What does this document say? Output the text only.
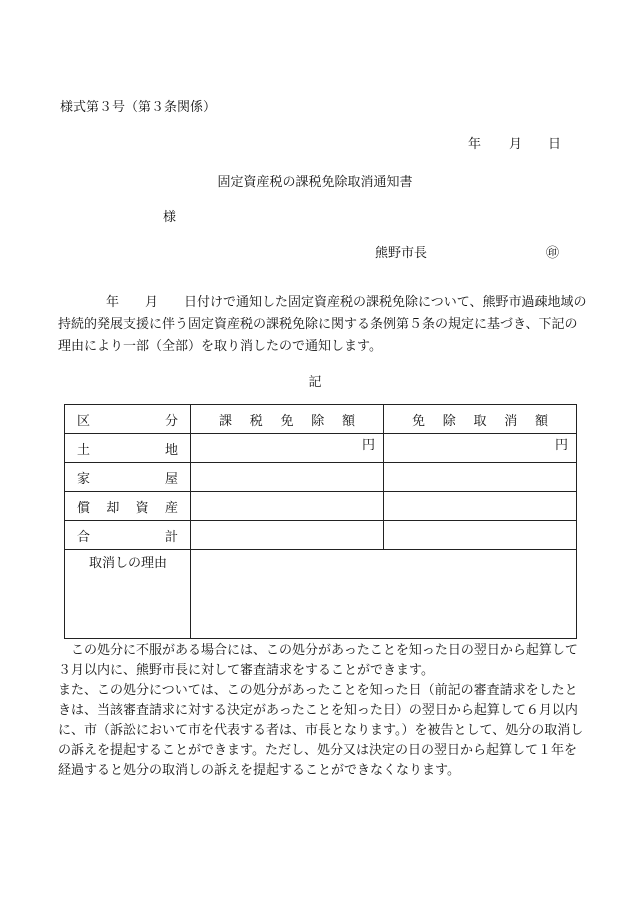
様式第３号（第３条関係）
年 月 日
固定資産税の課税免除取消通知書
様
熊野市長	㊞
年　　月　　日付けで通知した固定資産税の課税免除について、熊野市過疎地域の持続的発展支援に伴う固定資産税の課税免除に関する条例第５条の規定に基づき、下記の理由により一部（全部）を取り消したので通知します。
記
区分	課税免除額	免除取消額
土地	円	円
家屋		
償却資産		
合計		
取消しの理由		

この処分に不服がある場合には、この処分があったことを知った日の翌日から起算して３月以内に、熊野市長に対して審査請求をすることができます。

また、この処分については、この処分があったことを知った日（前記の審査請求をしたときは、当該審査請求に対する決定があったことを知った日）の翌日から起算して６月以内に、市（訴訟において市を代表する者は、市長となります。）を被告として、処分の取消しの訴えを提起することができます。ただし、処分又は決定の日の翌日から起算して１年を経過すると処分の取消しの訴えを提起することができなくなります。
